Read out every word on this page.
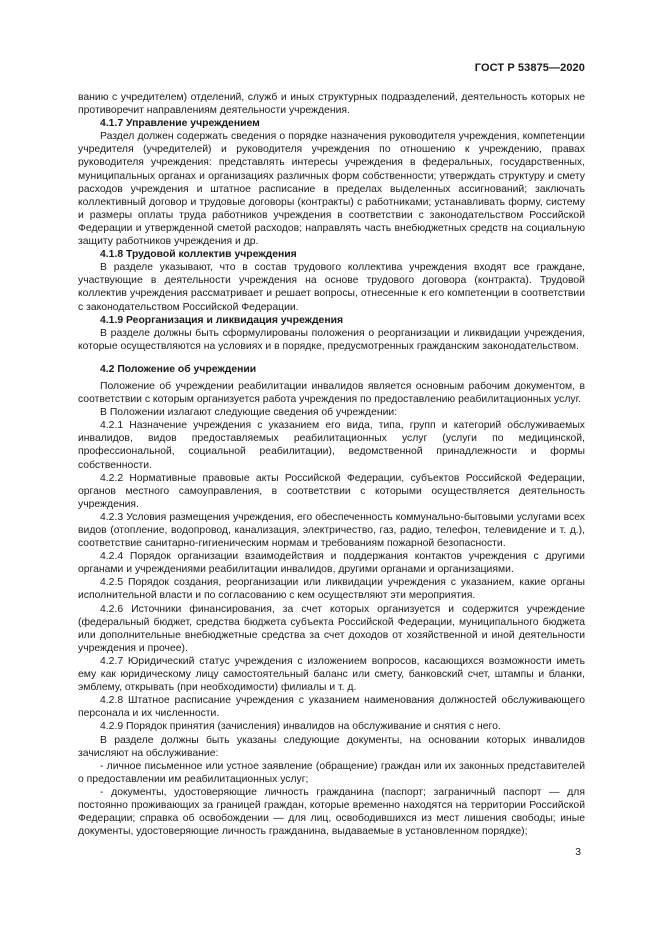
ГОСТ Р 53875—2020
ванию с учредителем) отделений, служб и иных структурных подразделений, деятельность которых не противоречит направлениям деятельности учреждения.
4.1.7 Управление учреждением
Раздел должен содержать сведения о порядке назначения руководителя учреждения, компетенции учредителя (учредителей) и руководителя учреждения по отношению к учреждению, правах руководителя учреждения: представлять интересы учреждения в федеральных, государственных, муниципальных органах и организациях различных форм собственности; утверждать структуру и смету расходов учреждения и штатное расписание в пределах выделенных ассигнований; заключать коллективный договор и трудовые договоры (контракты) с работниками; устанавливать форму, систему и размеры оплаты труда работников учреждения в соответствии с законодательством Российской Федерации и утвержденной сметой расходов; направлять часть внебюджетных средств на социальную защиту работников учреждения и др.
4.1.8 Трудовой коллектив учреждения
В разделе указывают, что в состав трудового коллектива учреждения входят все граждане, участвующие в деятельности учреждения на основе трудового договора (контракта). Трудовой коллектив учреждения рассматривает и решает вопросы, отнесенные к его компетенции в соответствии с законодательством Российской Федерации.
4.1.9 Реорганизация и ликвидация учреждения
В разделе должны быть сформулированы положения о реорганизации и ликвидации учреждения, которые осуществляются на условиях и в порядке, предусмотренных гражданским законодательством.
4.2 Положение об учреждении
Положение об учреждении реабилитации инвалидов является основным рабочим документом, в соответствии с которым организуется работа учреждения по предоставлению реабилитационных услуг.
В Положении излагают следующие сведения об учреждении:
4.2.1 Назначение учреждения с указанием его вида, типа, групп и категорий обслуживаемых инвалидов, видов предоставляемых реабилитационных услуг (услуги по медицинской, профессиональной, социальной реабилитации), ведомственной принадлежности и формы собственности.
4.2.2 Нормативные правовые акты Российской Федерации, субъектов Российской Федерации, органов местного самоуправления, в соответствии с которыми осуществляется деятельность учреждения.
4.2.3 Условия размещения учреждения, его обеспеченность коммунально-бытовыми услугами всех видов (отопление, водопровод, канализация, электричество, газ, радио, телефон, телевидение и т. д.), соответствие санитарно-гигиеническим нормам и требованиям пожарной безопасности.
4.2.4 Порядок организации взаимодействия и поддержания контактов учреждения с другими органами и учреждениями реабилитации инвалидов, другими органами и организациями.
4.2.5 Порядок создания, реорганизации или ликвидации учреждения с указанием, какие органы исполнительной власти и по согласованию с кем осуществляют эти мероприятия.
4.2.6 Источники финансирования, за счет которых организуется и содержится учреждение (федеральный бюджет, средства бюджета субъекта Российской Федерации, муниципального бюджета или дополнительные внебюджетные средства за счет доходов от хозяйственной и иной деятельности учреждения и прочее).
4.2.7 Юридический статус учреждения с изложением вопросов, касающихся возможности иметь ему как юридическому лицу самостоятельный баланс или смету, банковский счет, штампы и бланки, эмблему, открывать (при необходимости) филиалы и т. д.
4.2.8 Штатное расписание учреждения с указанием наименования должностей обслуживающего персонала и их численности.
4.2.9 Порядок принятия (зачисления) инвалидов на обслуживание и снятия с него.
В разделе должны быть указаны следующие документы, на основании которых инвалидов зачисляют на обслуживание:
- личное письменное или устное заявление (обращение) граждан или их законных представителей о предоставлении им реабилитационных услуг;
- документы, удостоверяющие личность гражданина (паспорт; заграничный паспорт — для постоянно проживающих за границей граждан, которые временно находятся на территории Российской Федерации; справка об освобождении — для лиц, освободившихся из мест лишения свободы; иные документы, удостоверяющие личность гражданина, выдаваемые в установленном порядке);
3
